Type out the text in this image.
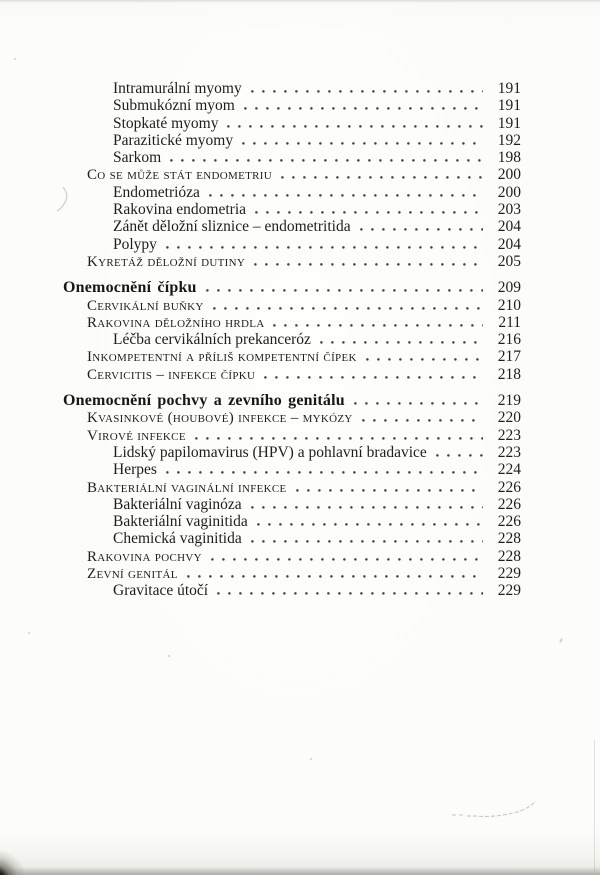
Intramurální myomy	191
Submukózní myom	191
Stopkaté myomy	191
Parazitické myomy	192
Sarkom	198
Co se může stát endometriu	200
Endometrióza	200
Rakovina endometria	203
Zánět děložní sliznice – endometritida	204
Polypy	204
Kyretáž děložní dutiny	205
Onemocnění čípku	209
Cervikální buňky	210
Rakovina děložního hrdla	211
Léčba cervikálních prekanceróz	216
Inkompetentní a příliš kompetentní čípek	217
Cervicitis – infekce čípku	218
Onemocnění pochvy a zevního genitálu	219
Kvasinkové (houbové) infekce – mykózy	220
Virové infekce	223
Lidský papilomavirus (HPV) a pohlavní bradavice	223
Herpes	224
Bakteriální vaginální infekce	226
Bakteriální vaginóza	226
Bakteriální vaginitida	226
Chemická vaginitida	228
Rakovina pochvy	228
Zevní genitál	229
Gravitace útočí	229
